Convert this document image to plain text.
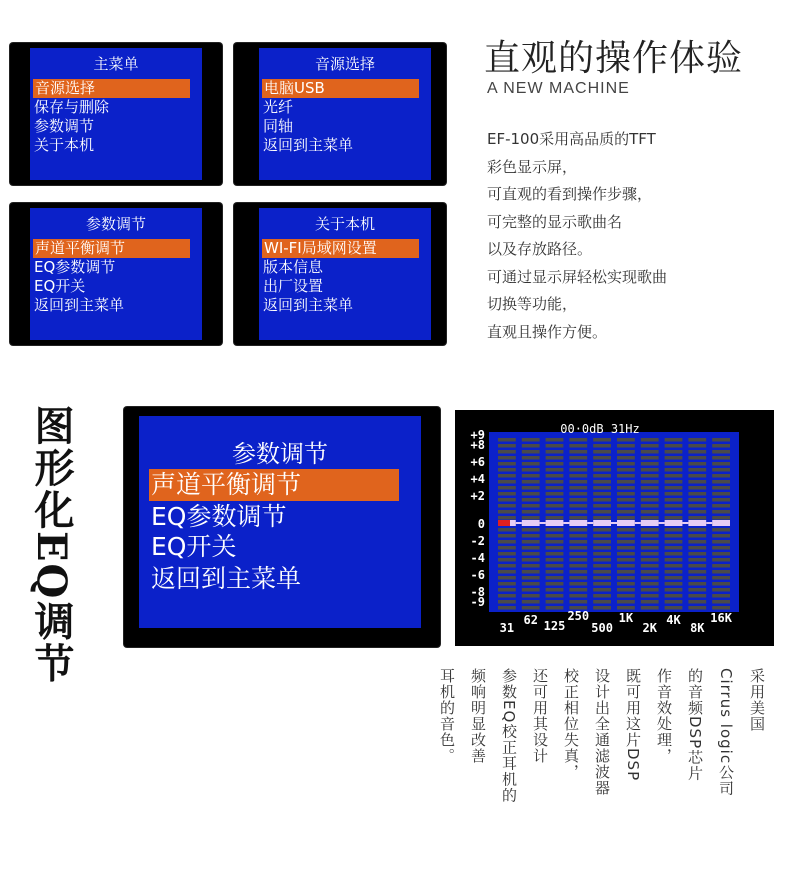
主菜单
音源选择
保存与删除
参数调节
关于本机
音源选择
电脑USB
光纤
同轴
返回到主菜单
参数调节
声道平衡调节
EQ参数调节
EQ开关
返回到主菜单
关于本机
WI-FI局域网设置
版本信息
出厂设置
返回到主菜单
直观的操作体验
A NEW MACHINE
EF-100采用高品质的TFT
彩色显示屏，
可直观的看到操作步骤，
可完整的显示歌曲名
以及存放路径。
可通过显示屏轻松实现歌曲
切换等功能，
直观且操作方便。
图形化EQ调节	参数调节
声道平衡调节
EQ参数调节
EQ开关
返回到主菜单
00·0dB 31Hz
+9
+8
+6
+4
+2
0
-2
-4
-6
-8
-9
31
62 125
250
500
1K
2K
4K
8K
16K
采用美国
Cirrus logic公司
的音频DSP芯片
作音效处理，
既可用这片DSP
设计出全通滤波器
校正相位失真，
还可用其设计
参数EQ校正耳机的
频响明显改善
耳机的音色。
